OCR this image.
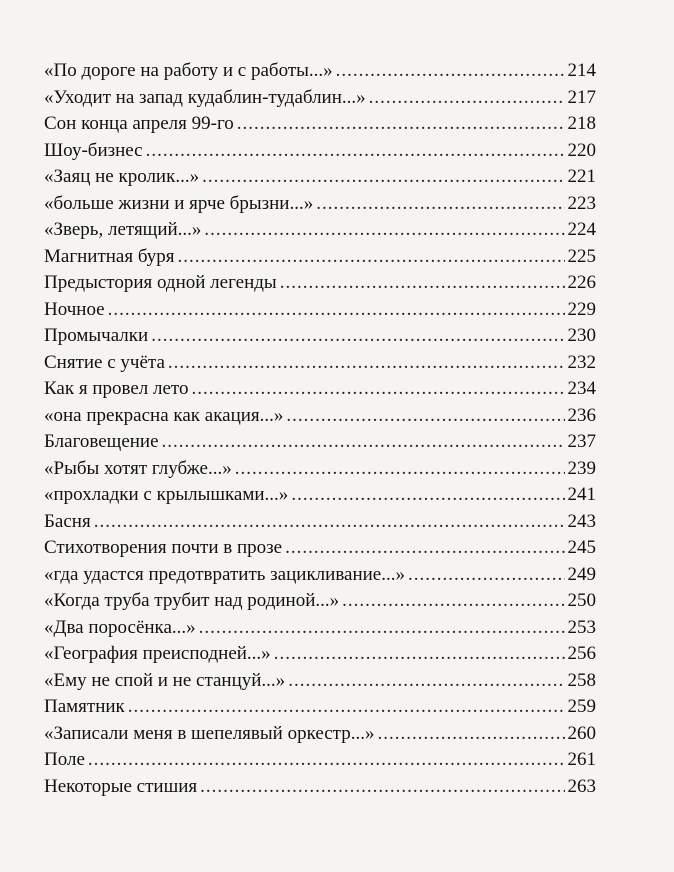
«По дороге на работу и с работы...» .....	214
«Уходит на запад кудаблин-тудаблин...» .....	217
Сон конца апреля 99-го .....	218
Шоу-бизнес .....	220
«Заяц не кролик...» .....	221
«больше жизни и ярче брызни...» .....	223
«Зверь, летящий...» .....	224
Магнитная буря .....	225
Предыстория одной легенды .....	226
Ночное .....	229
Промычалки .....	230
Снятие с учёта .....	232
Как я провел лето .....	234
«она прекрасна как акация...» .....	236
Благовещение .....	237
«Рыбы хотят глубже...» .....	239
«прохладки с крылышками...» .....	241
Басня .....	243
Стихотворения почти в прозе .....	245
«гда удастся предотвратить зацикливание...» .....	249
«Когда труба трубит над родиной...» .....	250
«Два поросёнка...» .....	253
«География преисподней...» .....	256
«Ему не спой и не станцуй...» .....	258
Памятник .....	259
«Записали меня в шепелявый оркестр...» .....	260
Поле .....	261
Некоторые стишия .....	263
